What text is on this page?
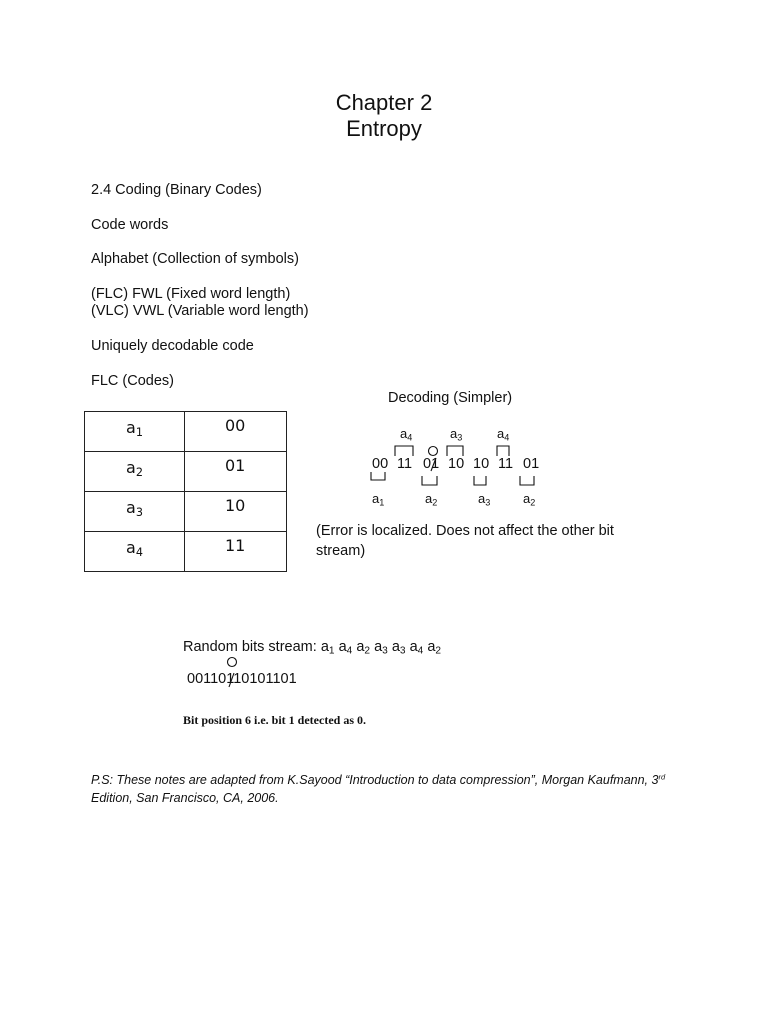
Chapter 2
Entropy
2.4 Coding (Binary Codes)
Code words
Alphabet (Collection of symbols)
(FLC) FWL (Fixed word length)
(VLC) VWL (Variable word length)
Uniquely decodable code
FLC (Codes)
$a_1$	00
$a_2$	01
$a_3$	10
$a_4$	11
Decoding (Simpler)
$a_4$	$a_3$	$a_4$
00 11 01 10 10 11 01
$a_1$	$a_2$	$a_3$	$a_2$
(Error is localized. Does not affect the other bit stream)
Random bits stream: $a_1$ $a_4$ $a_2$ $a_3$ $a_3$ $a_4$ $a_2$
00110110101101
Bit position 6 i.e. bit 1 detected as 0.
P.S: These notes are adapted from K.Sayood “Introduction to data compression”, Morgan Kaufmann, 3rd Edition, San Francisco, CA, 2006.
